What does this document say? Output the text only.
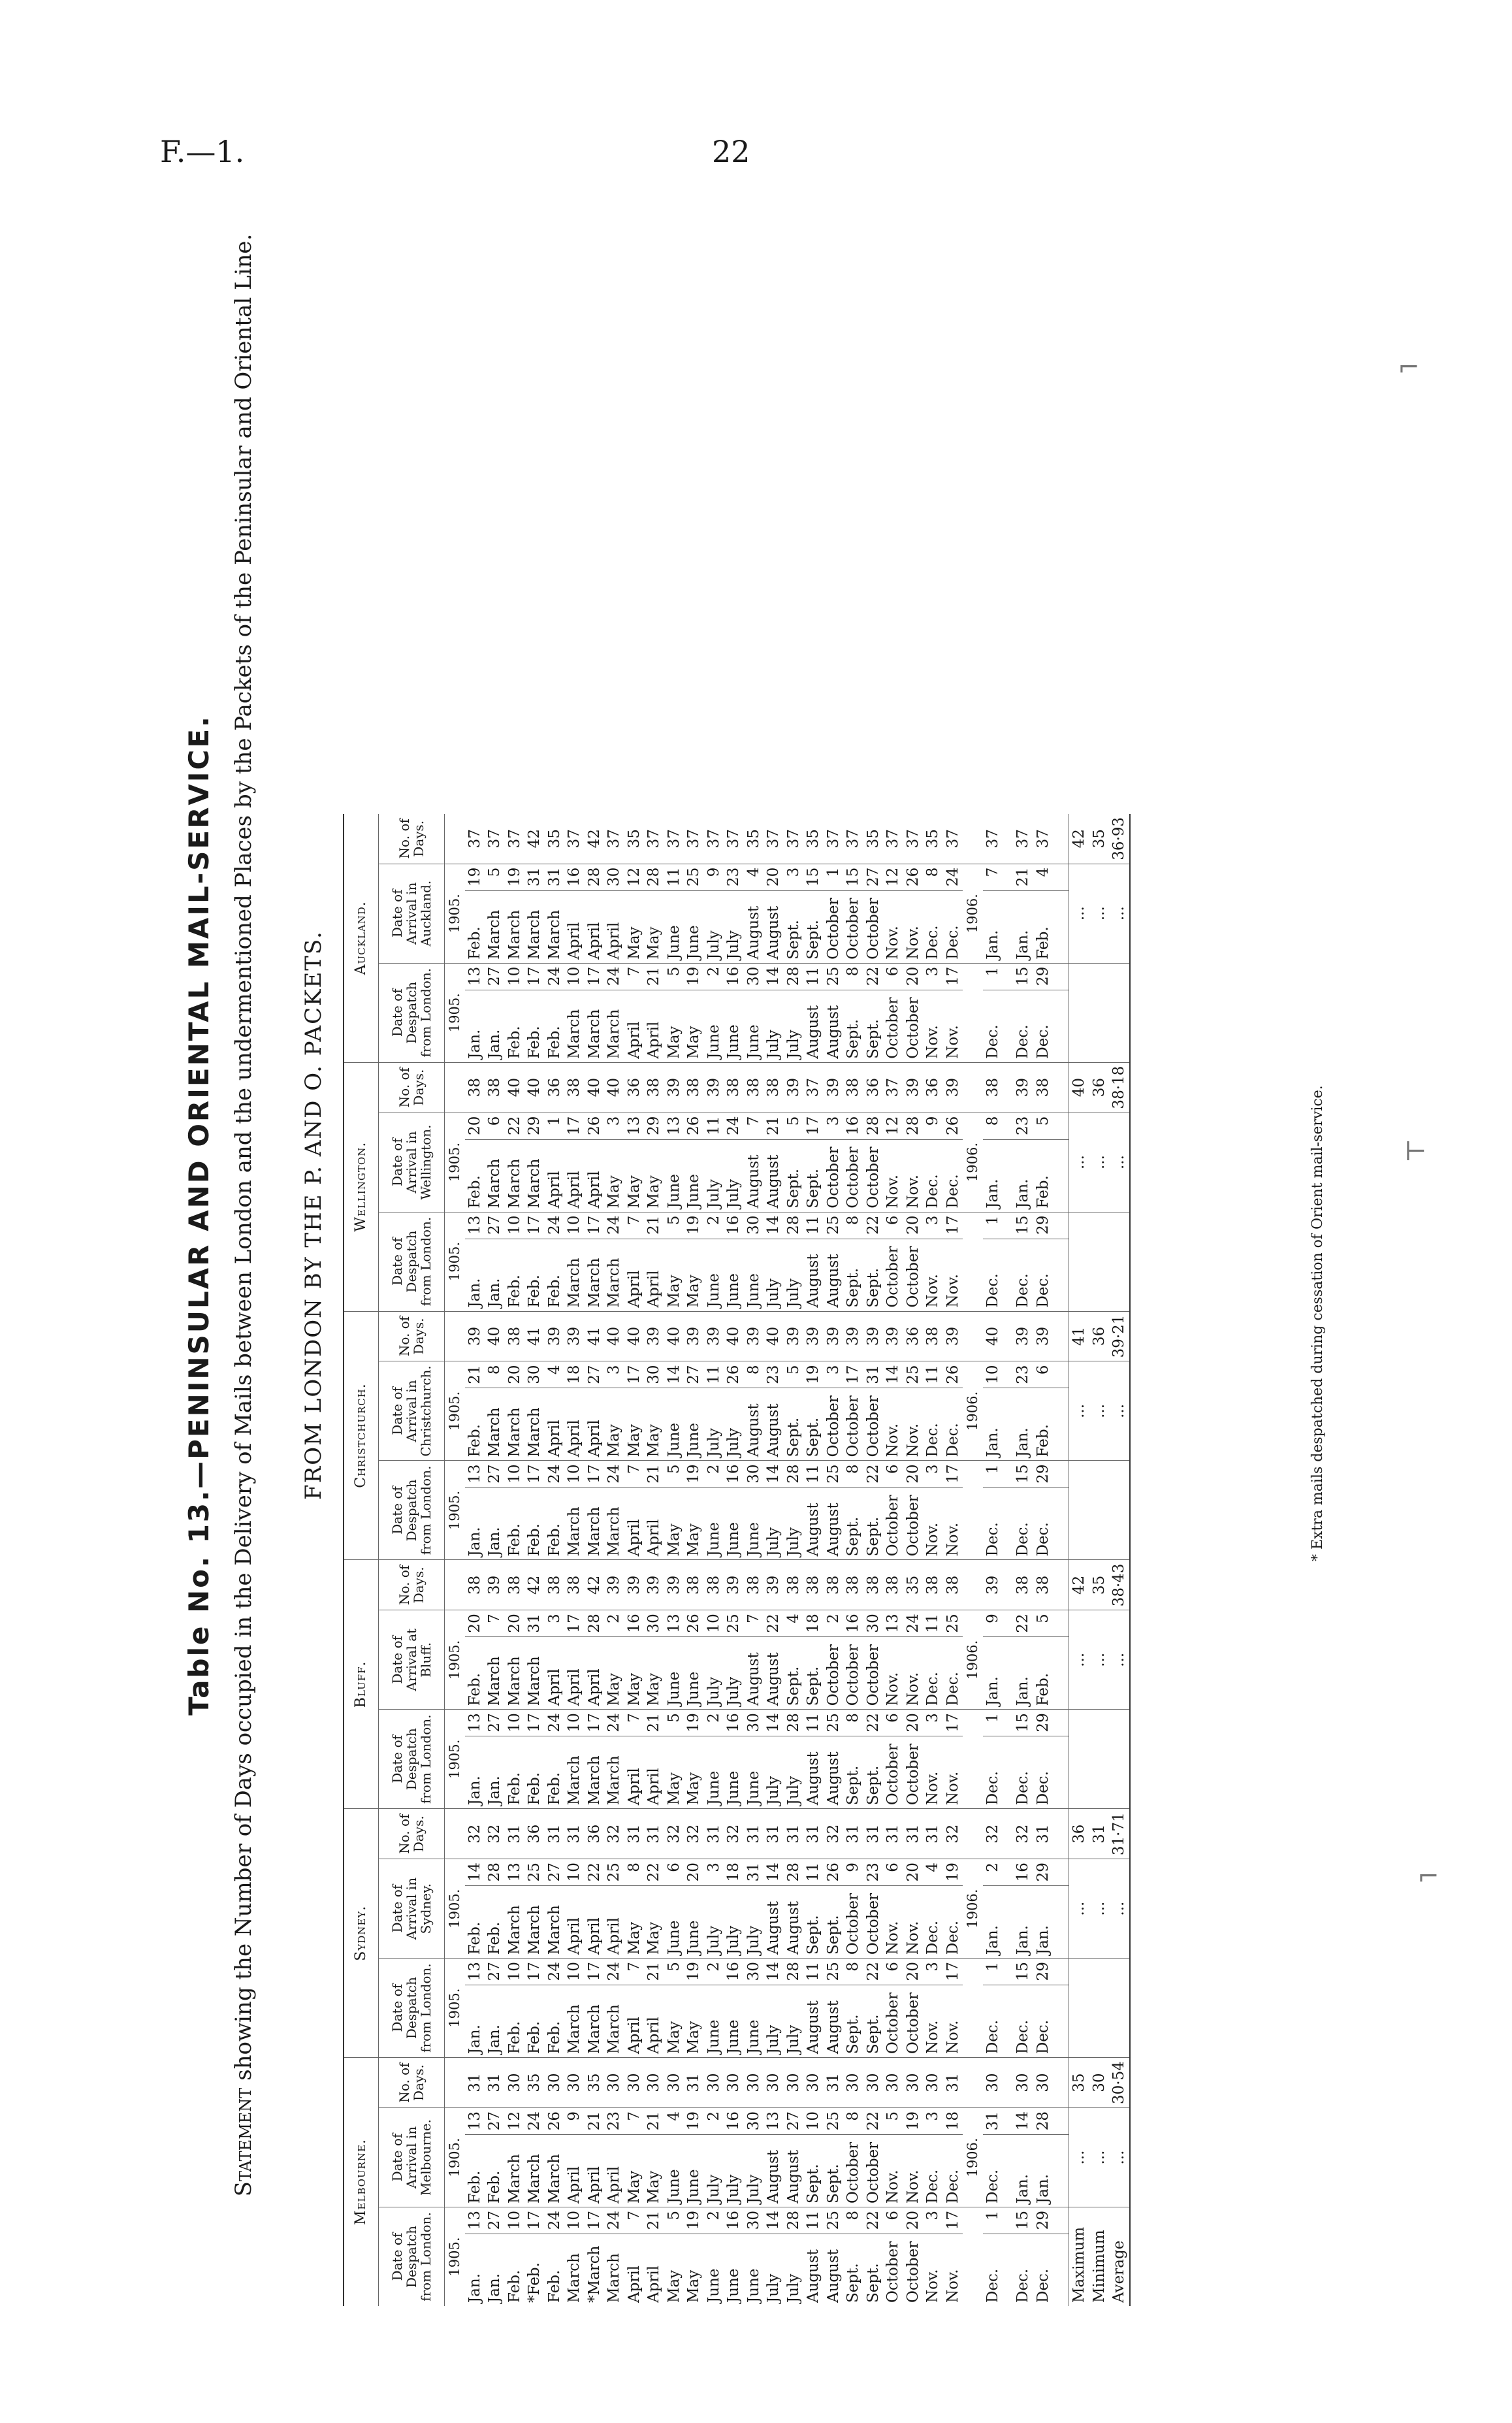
F.—1.	22
⌐
⊢
⌐
Table No. 13.—PENINSULAR AND ORIENTAL MAIL-SERVICE.
Statement showing the Number of Days occupied in the Delivery of Mails between London and the undermentioned Places by the Packets of the Peninsular and Oriental Line. FROM LONDON BY THE P. AND O. PACKETS.
Melbourne.					Sydney.					Bluff.					Christchurch.					Wellington.					Auckland.				
Date of Despatch from London.		Date of Arrival in Melbourne.		No. of Days.	Date of Despatch from London.		Date of Arrival in Sydney.		No. of Days.	Date of Despatch from London.		Date of Arrival at Bluff.		No. of Days.	Date of Despatch from London.		Date of Arrival in Christchurch.		No. of Days.	Date of Despatch from London.		Date of Arrival in Wellington.		No. of Days.	Date of Despatch from London.		Date of Arrival in Auckland.		No. of Days.
1905.		1905.			1905.		1905.			1905.		1905.			1905.		1905.			1905.		1905.			1905.		1905.		
Jan.	13	Feb.	13	31	Jan.	13	Feb.	14	32	Jan.	13	Feb.	20	38	Jan.	13	Feb.	21	39	Jan.	13	Feb.	20	38	Jan.	13	Feb.	19	37
Jan.	27	Feb.	27	31	Jan.	27	Feb.	28	32	Jan.	27	March	7	39	Jan.	27	March	8	40	Jan.	27	March	6	38	Jan.	27	March	5	37
Feb.	10	March	12	30	Feb.	10	March	13	31	Feb.	10	March	20	38	Feb.	10	March	20	38	Feb.	10	March	22	40	Feb.	10	March	19	37
*Feb.	17	March	24	35	Feb.	17	March	25	36	Feb.	17	March	31	42	Feb.	17	March	30	41	Feb.	17	March	29	40	Feb.	17	March	31	42
Feb.	24	March	26	30	Feb.	24	March	27	31	Feb.	24	April	3	38	Feb.	24	April	4	39	Feb.	24	April	1	36	Feb.	24	March	31	35
March	10	April	9	30	March	10	April	10	31	March	10	April	17	38	March	10	April	18	39	March	10	April	17	38	March	10	April	16	37
*March	17	April	21	35	March	17	April	22	36	March	17	April	28	42	March	17	April	27	41	March	17	April	26	40	March	17	April	28	42
March	24	April	23	30	March	24	April	25	32	March	24	May	2	39	March	24	May	3	40	March	24	May	3	40	March	24	April	30	37
April	7	May	7	30	April	7	May	8	31	April	7	May	16	39	April	7	May	17	40	April	7	May	13	36	April	7	May	12	35
April	21	May	21	30	April	21	May	22	31	April	21	May	30	39	April	21	May	30	39	April	21	May	29	38	April	21	May	28	37
May	5	June	4	30	May	5	June	6	32	May	5	June	13	39	May	5	June	14	40	May	5	June	13	39	May	5	June	11	37
May	19	June	19	31	May	19	June	20	32	May	19	June	26	38	May	19	June	27	39	May	19	June	26	38	May	19	June	25	37
June	2	July	2	30	June	2	July	3	31	June	2	July	10	38	June	2	July	11	39	June	2	July	11	39	June	2	July	9	37
June	16	July	16	30	June	16	July	18	32	June	16	July	25	39	June	16	July	26	40	June	16	July	24	38	June	16	July	23	37
June	30	July	30	30	June	30	July	31	31	June	30	August	7	38	June	30	August	8	39	June	30	August	7	38	June	30	August	4	35
July	14	August	13	30	July	14	August	14	31	July	14	August	22	39	July	14	August	23	40	July	14	August	21	38	July	14	August	20	37
July	28	August	27	30	July	28	August	28	31	July	28	Sept.	4	38	July	28	Sept.	5	39	July	28	Sept.	5	39	July	28	Sept.	3	37
August	11	Sept.	10	30	August	11	Sept.	11	31	August	11	Sept.	18	38	August	11	Sept.	19	39	August	11	Sept.	17	37	August	11	Sept.	15	35
August	25	Sept.	25	31	August	25	Sept.	26	32	August	25	October	2	38	August	25	October	3	39	August	25	October	3	39	August	25	October	1	37
Sept.	8	October	8	30	Sept.	8	October	9	31	Sept.	8	October	16	38	Sept.	8	October	17	39	Sept.	8	October	16	38	Sept.	8	October	15	37
Sept.	22	October	22	30	Sept.	22	October	23	31	Sept.	22	October	30	38	Sept.	22	October	31	39	Sept.	22	October	28	36	Sept.	22	October	27	35
October	6	Nov.	5	30	October	6	Nov.	6	31	October	6	Nov.	13	38	October	6	Nov.	14	39	October	6	Nov.	12	37	October	6	Nov.	12	37
October	20	Nov.	19	30	October	20	Nov.	20	31	October	20	Nov.	24	35	October	20	Nov.	25	36	October	20	Nov.	28	39	October	20	Nov.	26	37
Nov.	3	Dec.	3	30	Nov.	3	Dec.	4	31	Nov.	3	Dec.	11	38	Nov.	3	Dec.	11	38	Nov.	3	Dec.	9	36	Nov.	3	Dec.	8	35
Nov.	17	Dec.	18	31	Nov.	17	Dec.	19	32	Nov.	17	Dec.	25	38	Nov.	17	Dec.	26	39	Nov.	17	Dec.	26	39	Nov.	17	Dec.	24	37
		1906.					1906.					1906.					1906.					1906.					1906.		
Dec.	1	Dec.	31	30	Dec.	1	Jan.	2	32	Dec.	1	Jan.	9	39	Dec.	1	Jan.	10	40	Dec.	1	Jan.	8	38	Dec.	1	Jan.	7	37

Dec.	15	Jan.	14	30	Dec.	15	Jan.	16	32	Dec.	15	Jan.	22	38	Dec.	15	Jan.	23	39	Dec.	15	Jan.	23	39	Dec.	15	Jan.	21	37
Dec.	29	Jan.	28	30	Dec.	29	Jan.	29	31	Dec.	29	Feb.	5	38	Dec.	29	Feb.	6	39	Dec.	29	Feb.	5	38	Dec.	29	Feb.	4	37

Maximum		...		35			...		36			...		42			...		41			...		40			...		42
Minimum		...		30			...		31			...		35			...		36			...		36			...		35
Average		...		30·54			...		31·71			...		38·43			...		39·21			...		38·18			...		36·93
* Extra mails despatched during cessation of Orient mail-service.
